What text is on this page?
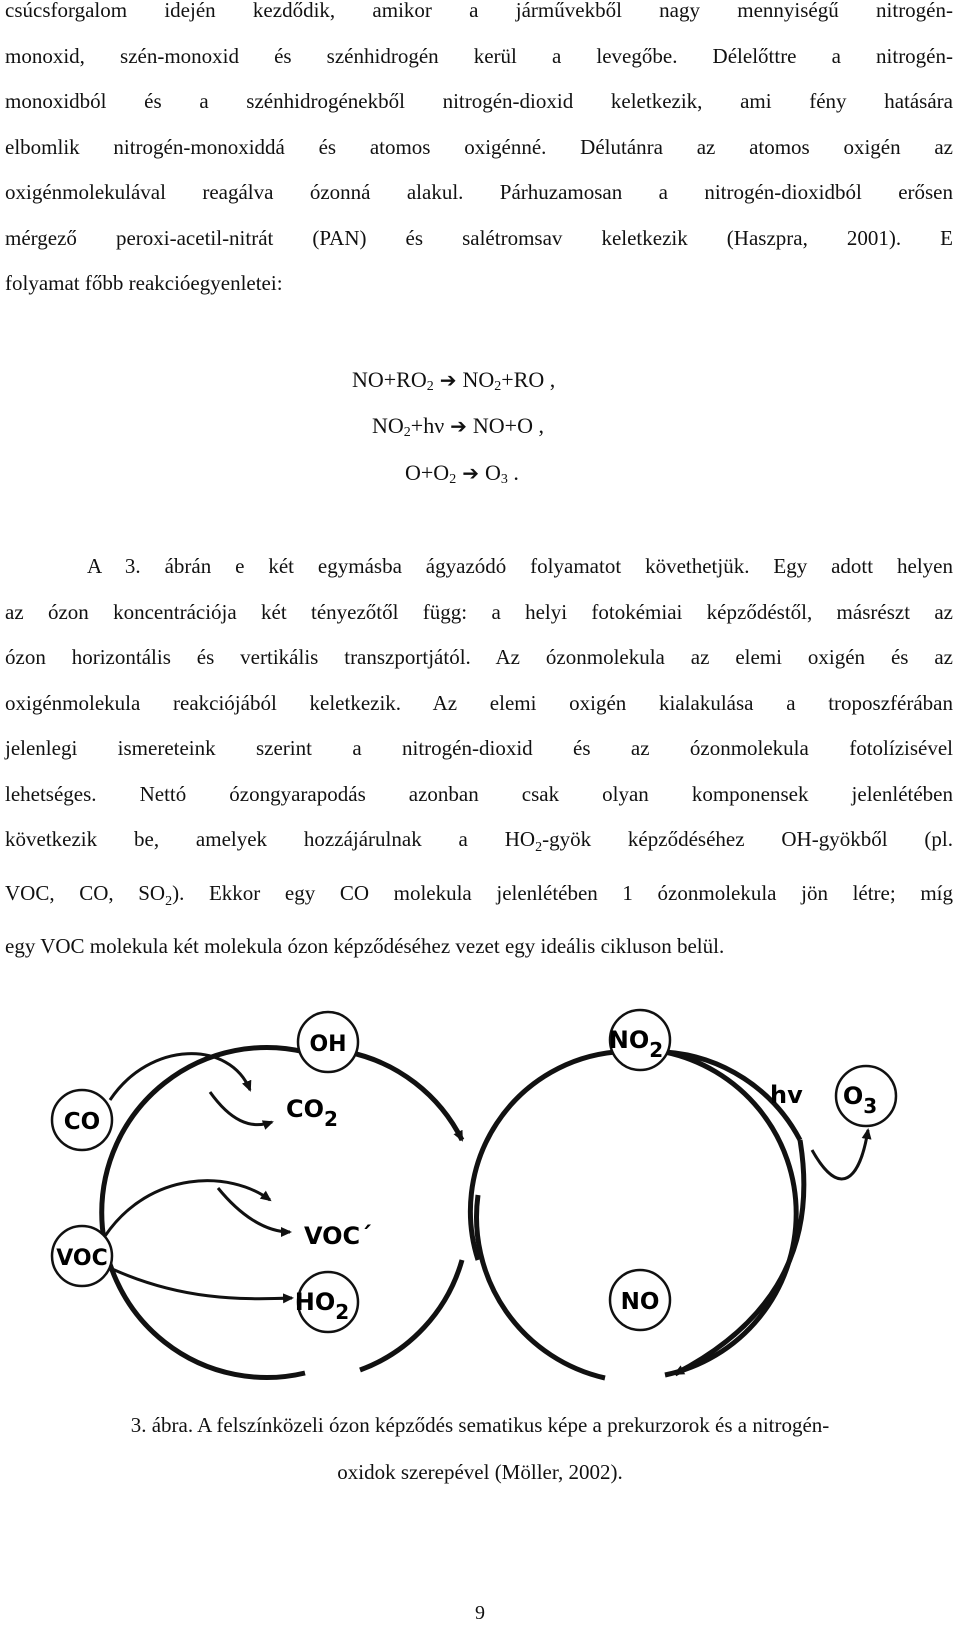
csúcsforgalom idején kezdődik, amikor a járművekből nagy mennyiségű nitrogén-
monoxid, szén-monoxid és szénhidrogén kerül a levegőbe. Délelőttre a nitrogén-
monoxidból és a szénhidrogénekből nitrogén-dioxid keletkezik, ami fény hatására
elbomlik nitrogén-monoxiddá és atomos oxigénné. Délutánra az atomos oxigén az
oxigénmolekulával reagálva ózonná alakul. Párhuzamosan a nitrogén-dioxidból erősen
mérgező peroxi-acetil-nitrát (PAN) és salétromsav keletkezik (Haszpra, 2001). E
folyamat főbb reakcióegyenletei:
$NO+RO_2$ ➔ $NO_2+RO$ ,
$NO_2+h\nu$ ➔ NO+O ,
$O+O_2$ ➔ $O_3$ .
A 3. ábrán e két egymásba ágyazódó folyamatot követhetjük. Egy adott helyen
az ózon koncentrációja két tényezőtől függ: a helyi fotokémiai képződéstől, másrészt az
ózon horizontális és vertikális transzportjától. Az ózonmolekula az elemi oxigén és az
oxigénmolekula reakciójából keletkezik. Az elemi oxigén kialakulása a troposzférában
jelenlegi ismereteink szerint a nitrogén-dioxid és az ózonmolekula fotolízisével
lehetséges. Nettó ózongyarapodás azonban csak olyan komponensek jelenlétében
következik be, amelyek hozzájárulnak a $HO_2$-gyök képződéséhez OH-gyökből (pl.
VOC, CO, $SO_2$). Ekkor egy CO molekula jelenlétében 1 ózonmolekula jön létre; míg
egy VOC molekula két molekula ózon képződéséhez vezet egy ideális cikluson belül.
OH	$NO_2$
hv $O_3$
CO	$CO_2$
VOC
VOC´
$HO_2$	NO
3. ábra. A felszínközeli ózon képződés sematikus képe a prekurzorok és a nitrogén-
oxidok szerepével (Möller, 2002).
9
